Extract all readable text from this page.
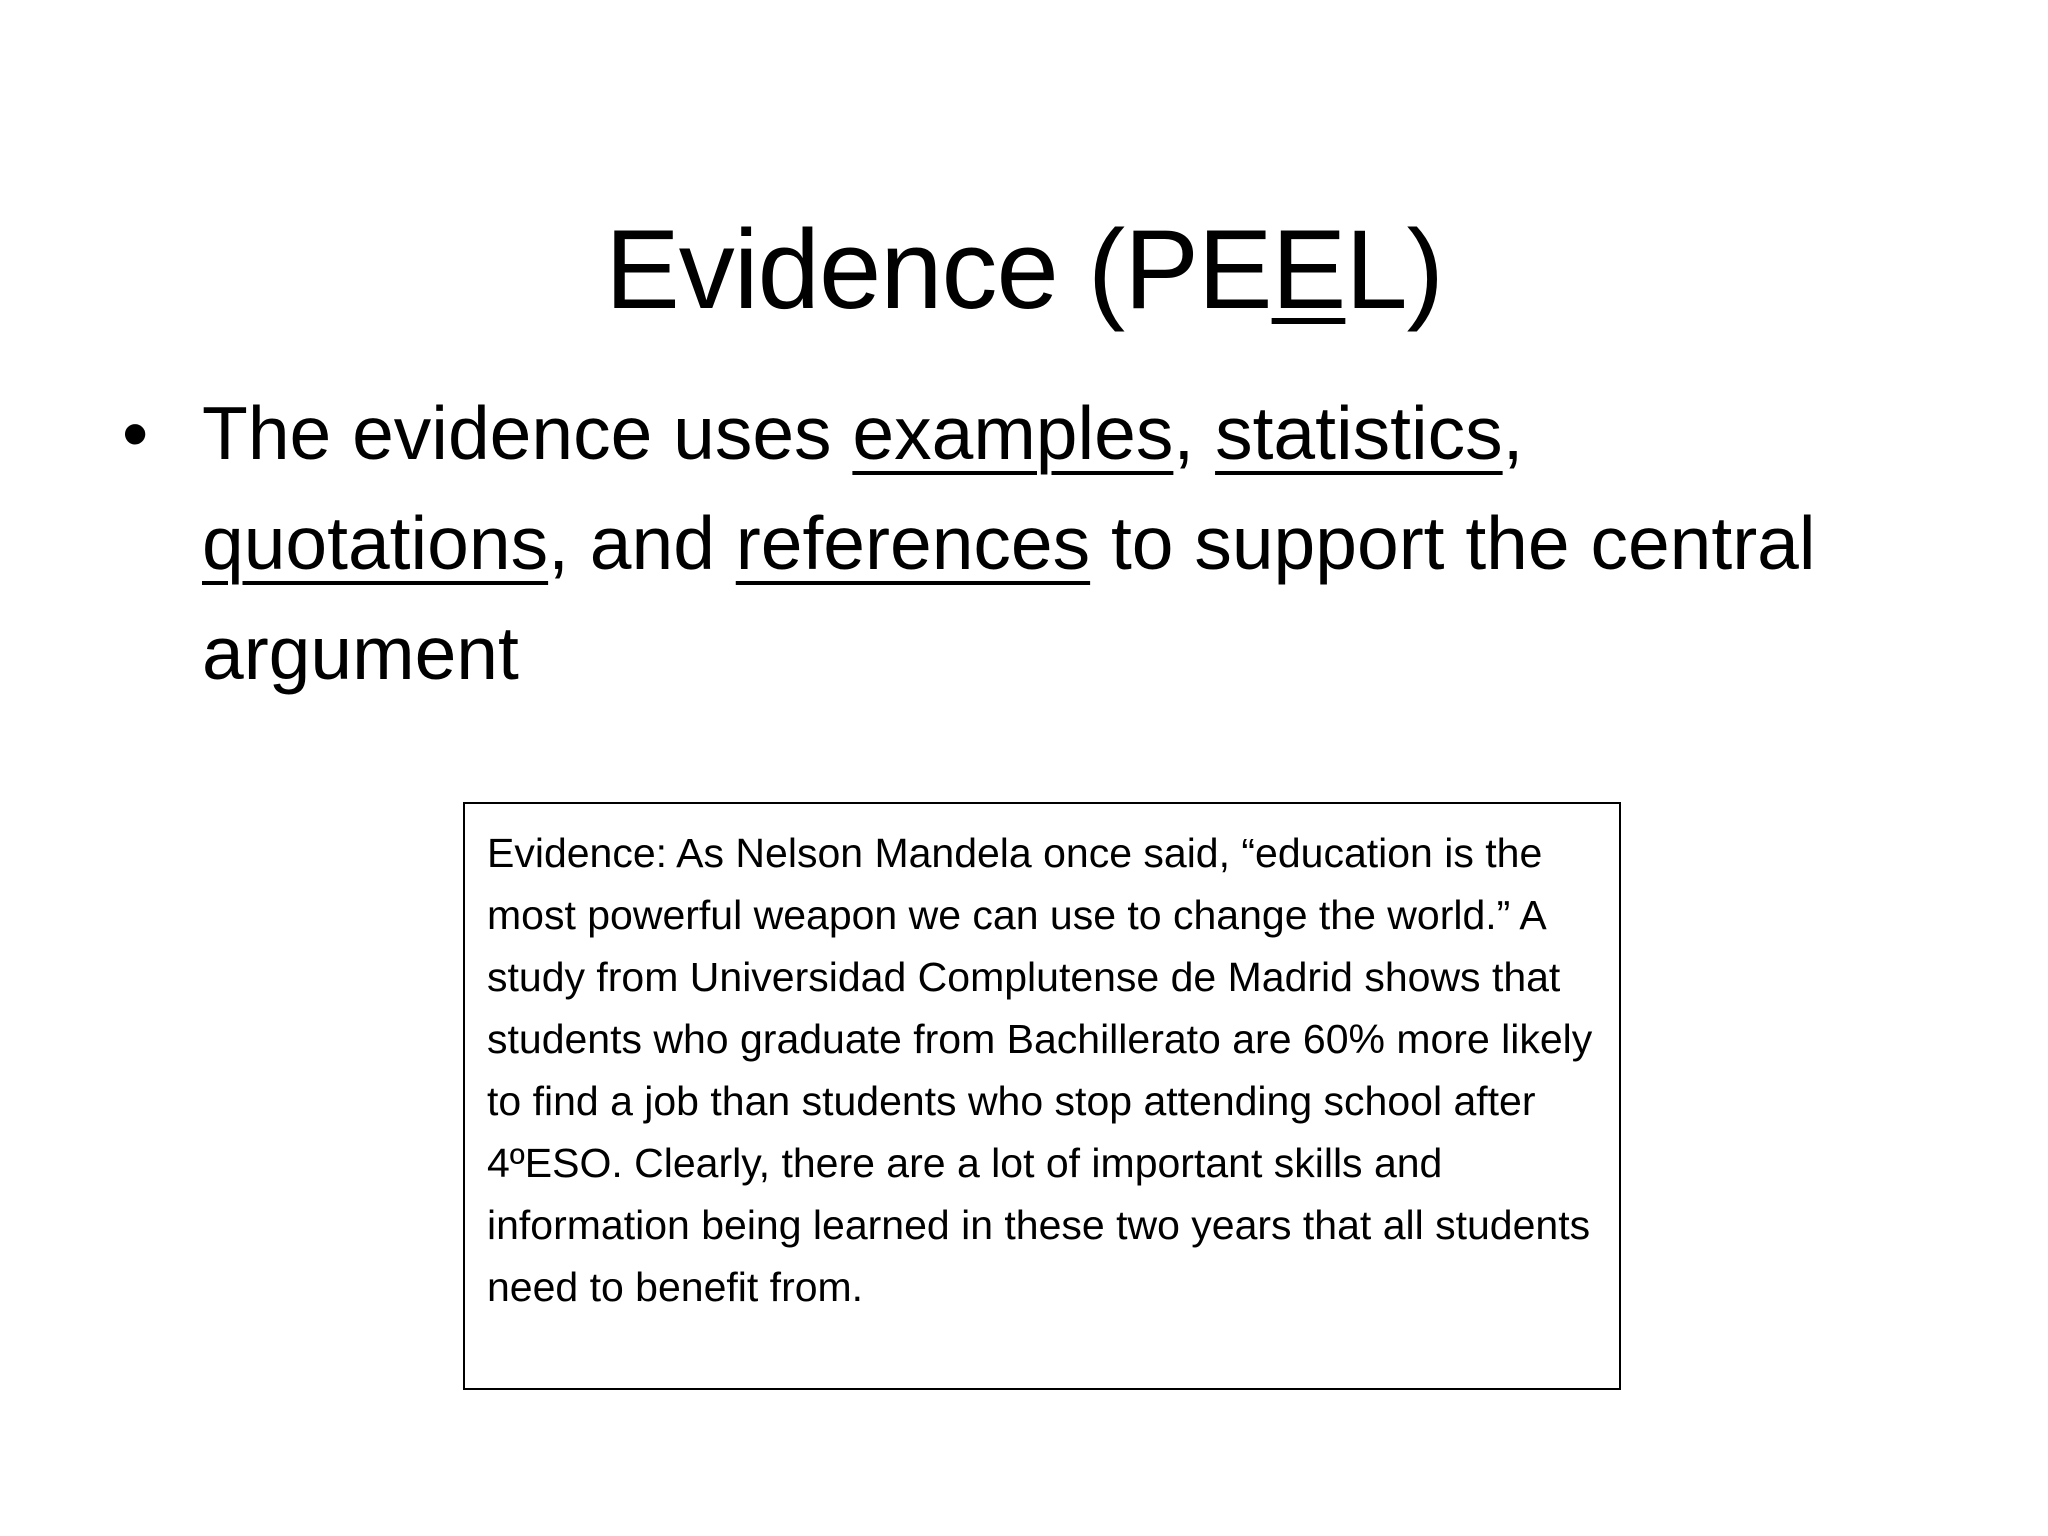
Evidence (PEEL)
• The evidence uses examples, statistics,
quotations, and references to support the central argument
Evidence: As Nelson Mandela once said, “education is the most powerful weapon we can use to change the world.” A study from Universidad Complutense de Madrid shows that students who graduate from Bachillerato are 60% more likely to find a job than students who stop attending school after 4ºESO. Clearly, there are a lot of important skills and information being learned in these two years that all students need to benefit from.
